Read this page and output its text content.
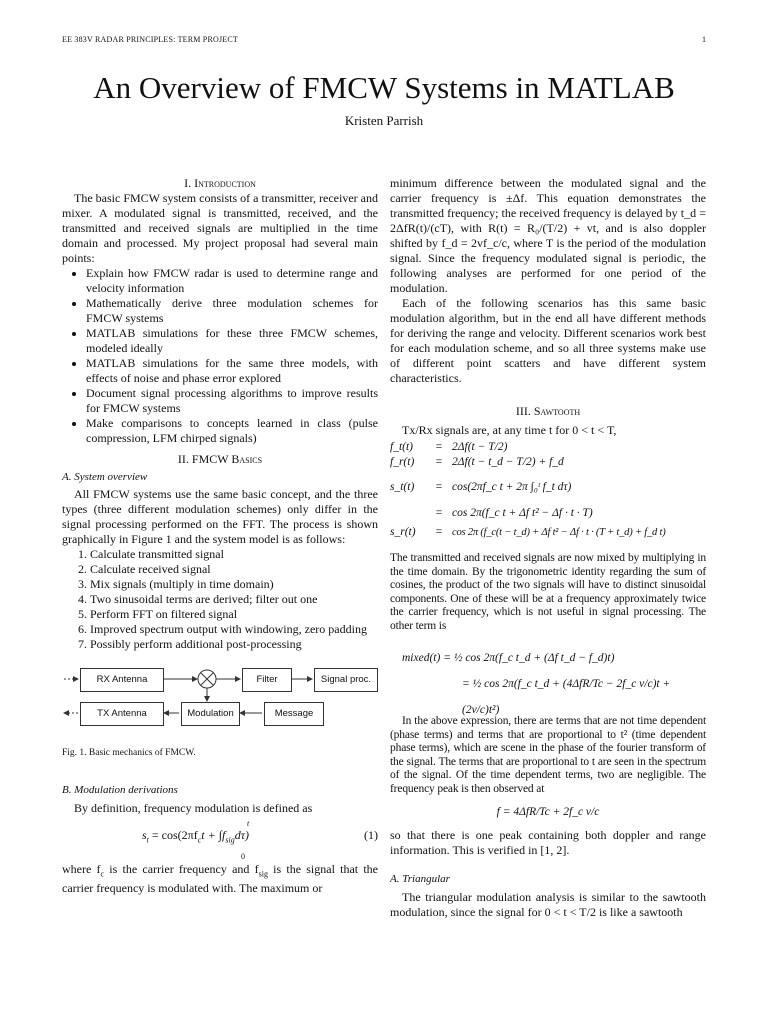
EE 383V RADAR PRINCIPLES: TERM PROJECT	1
An Overview of FMCW Systems in MATLAB
Kristen Parrish
I. Introduction

The basic FMCW system consists of a transmitter, receiver and mixer. A modulated signal is transmitted, received, and the transmitted and received signals are multiplied in the time domain and processed. My project proposal had several main points:

• Explain how FMCW radar is used to determine range and velocity information
• Mathematically derive three modulation schemes for FMCW systems
• MATLAB simulations for these three FMCW schemes, modeled ideally
• MATLAB simulations for the same three models, with effects of noise and phase error explored
• Document signal processing algorithms to improve results for FMCW systems
• Make comparisons to concepts learned in class (pulse compression, LFM chirped signals)
II. FMCW Basics
A. System overview

All FMCW systems use the same basic concept, and the three types (three different modulation schemes) only differ in the signal processing performed on the FFT. The process is shown graphically in Figure 1 and the system model is as follows:

1. Calculate transmitted signal
2. Calculate received signal
3. Mix signals (multiply in time domain)
4. Two sinusoidal terms are derived; filter out one
5. Perform FFT on filtered signal
6. Improved spectrum output with windowing, zero padding
7. Possibly perform additional post-processing
RX Antenna	Filter	Signal proc.
TX Antenna	Modulation	Message

Fig. 1. Basic mechanics of FMCW.

B. Modulation derivations

By definition, frequency modulation is defined as

$s_t = \cos(2\pi f_ct + \int f_{sig}d\tau)$
t
0
(1)

where $f_c$ is the carrier frequency and $f_{sig}$ is the signal that the carrier frequency is modulated with. The maximum or

minimum difference between the modulated signal and the carrier frequency is ±Δf. This equation demonstrates the transmitted frequency; the received frequency is delayed by t_d = 2ΔfR(t)/(cT), with R(t) = R₀/(T/2) + vt, and is also doppler shifted by f_d = 2vf_c/c, where T is the period of the modulation signal. Since the frequency modulated signal is periodic, the following analyses are performed for one period of the modulation.

Each of the following scenarios has this same basic modulation algorithm, but in the end all have different methods for deriving the range and velocity. Different scenarios work best for each modulation scheme, and so all three systems make use of different point scatters and have different system characteristics.

III. Sawtooth

Tx/Rx signals are, at any time t for 0 < t < T,

f_t(t)	= 2Δf(t − T/2)
f_r(t)	= 2Δf(t − t_d − T/2) + f_d
s_t(t)	= cos(2πf_c t + 2π ∫₀ᵗ f_t dτ)
= cos 2π(f_c t + Δf t² − Δf · t · T)
s_r(t)	= cos 2π (f_c(t − t_d) + Δf t² − Δf · t · (T + t_d) + f_d t)

The transmitted and received signals are now mixed by multiplying in the time domain. By the trigonometric identity regarding the sum of cosines, the product of the two signals will have to distinct sinusoidal components. One of these will be at a frequency approximately twice the carrier frequency, which is not useful in signal processing. The other term is

mixed(t) = ½ cos 2π(f_c t_d + (Δf t_d − f_d)t)
= ½ cos 2π(f_c t_d + (4ΔfR/Tc − 2f_c v/c)t + (2v/c)t²)

In the above expression, there are terms that are not time dependent (phase terms) and terms that are proportional to t² (time dependent phase terms), which are scene in the phase of the fourier transform of the signal. The terms that are proportional to t are seen in the spectrum of the signal. Of the time dependent terms, two are negligible. The frequency peak is then observed at

f = 4ΔfR/Tc + 2f_c v/c

so that there is one peak containing both doppler and range information. This is verified in [1, 2].

A. Triangular

The triangular modulation analysis is similar to the sawtooth modulation, since the signal for 0 < t < T/2 is like a sawtooth
